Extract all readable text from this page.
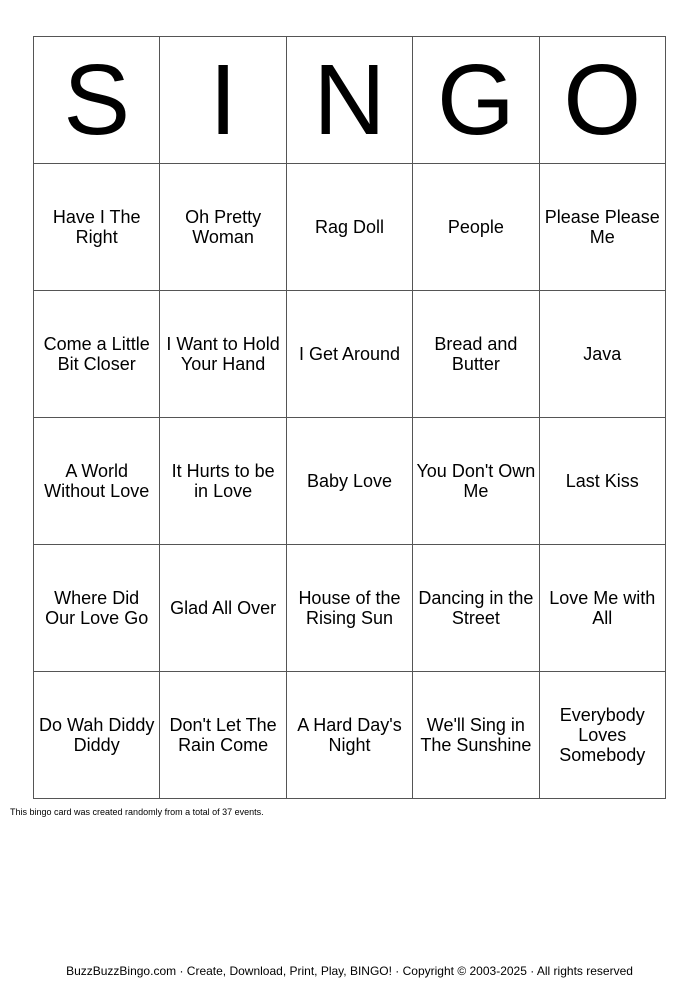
S	I	N	G	O
Have I The Right	Oh Pretty Woman	Rag Doll	People	Please Please Me
Come a Little Bit Closer	I Want to Hold Your Hand	I Get Around	Bread and Butter	Java
A World Without Love	It Hurts to be in Love	Baby Love	You Don't Own Me	Last Kiss
Where Did Our Love Go	Glad All Over	House of the Rising Sun	Dancing in the Street	Love Me with All
Do Wah Diddy Diddy	Don't Let The Rain Come	A Hard Day's Night	We'll Sing in The Sunshine	Everybody Loves Somebody
This bingo card was created randomly from a total of 37 events.
BuzzBuzzBingo.com · Create, Download, Print, Play, BINGO! · Copyright © 2003-2025 · All rights reserved
